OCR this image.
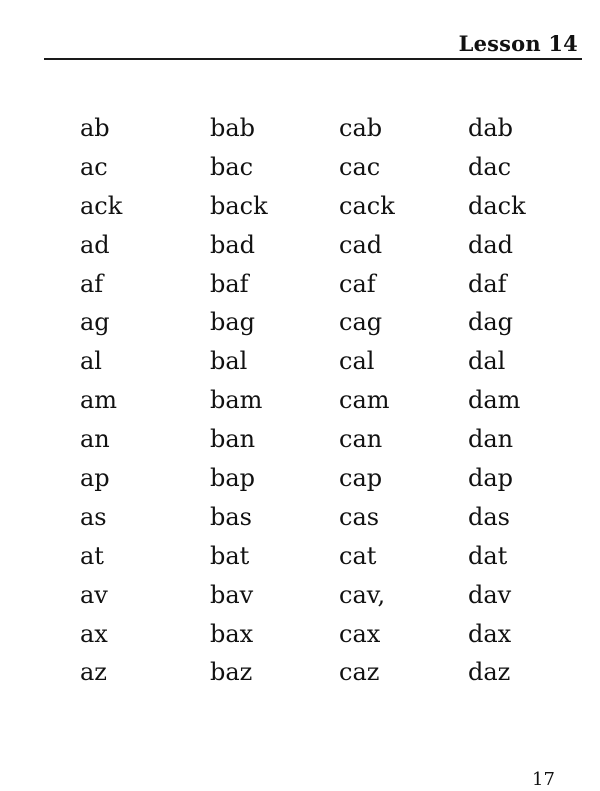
Lesson 14
ab	bab	cab	dab
ac	bac	cac	dac
ack	back	cack	dack
ad	bad	cad	dad
af	baf	caf	daf
ag	bag	cag	dag
al	bal	cal	dal
am	bam	cam	dam
an	ban	can	dan
ap	bap	cap	dap
as	bas	cas	das
at	bat	cat	dat
av	bav	cav,	dav
ax	bax	cax	dax
az	baz	caz	daz
17
